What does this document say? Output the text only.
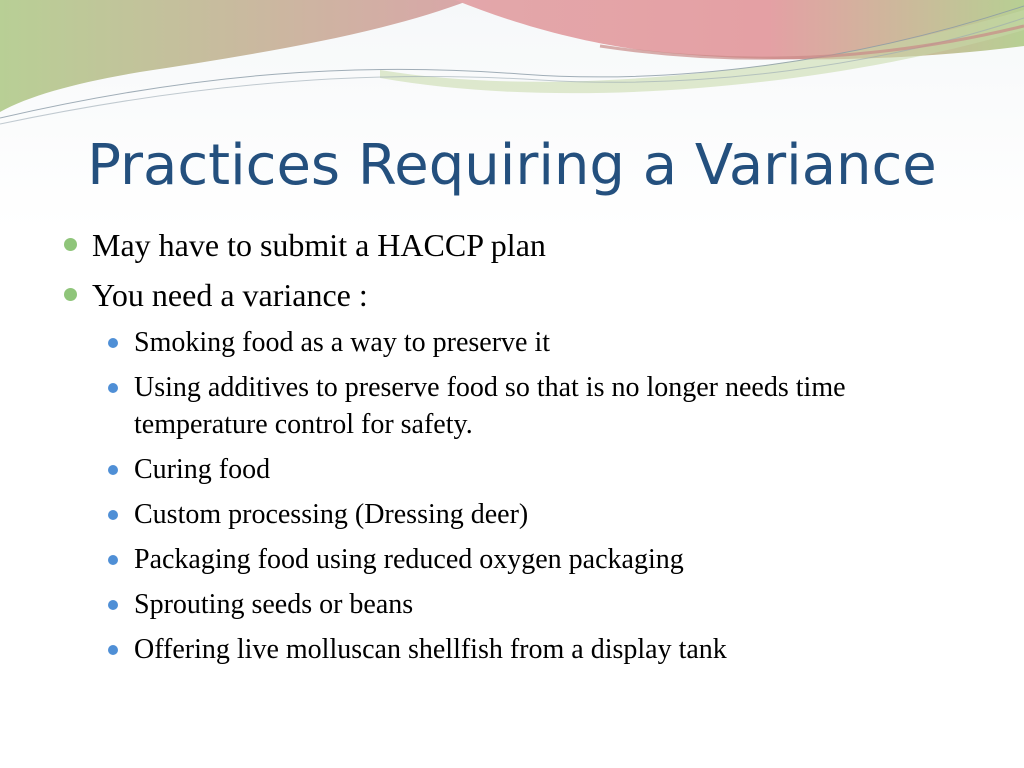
Practices Requiring a Variance
May have to submit a HACCP plan
You need a variance :
Smoking food as a way to preserve it
Using additives to preserve food so that is no longer needs time temperature control for safety.
Curing food
Custom processing (Dressing deer)
Packaging food using reduced oxygen packaging
Sprouting seeds or beans
Offering live molluscan shellfish from a display tank
